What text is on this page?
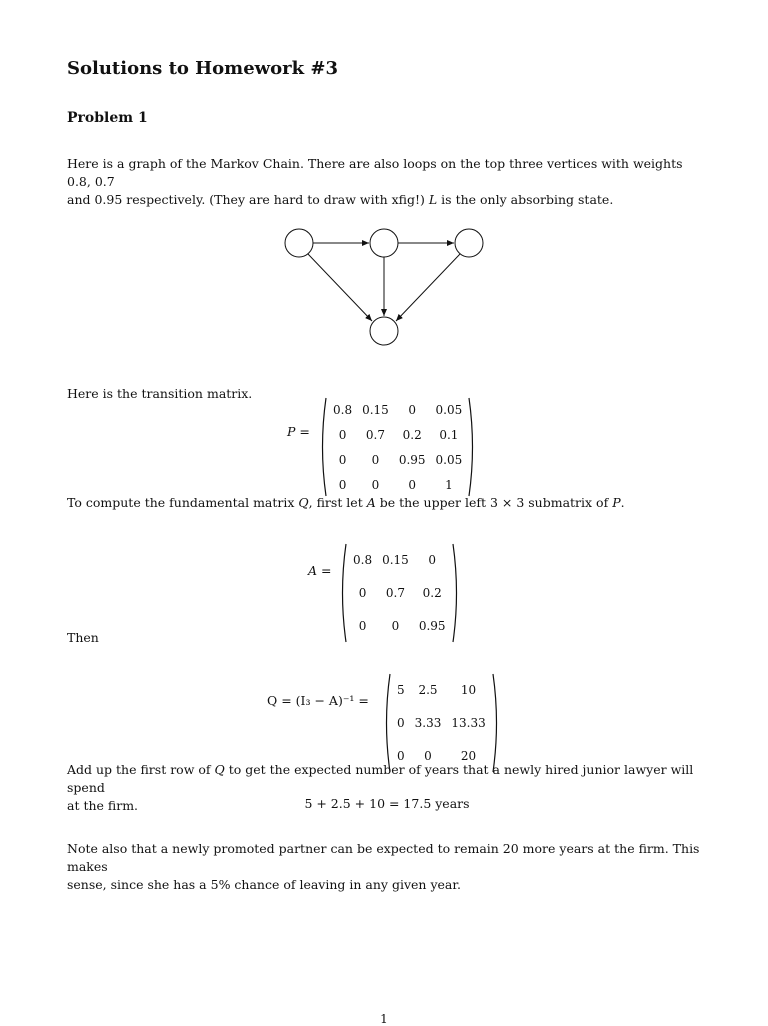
Solutions to Homework #3
Problem 1
Here is a graph of the Markov Chain. There are also loops on the top three vertices with weights 0.8, 0.7
and 0.95 respectively. (They are hard to draw with xfig!) L is the only absorbing state.
Here is the transition matrix.
P =
0.8	0.15	0	0.05
0	0.7	0.2	0.1
0	0	0.95	0.05
0	0	0	1
To compute the fundamental matrix Q, first let A be the upper left 3 × 3 submatrix of P.
A =
0.8	0.15	0
0	0.7	0.2
0	0	0.95
Then
Q = (I₃ − A)⁻¹ =
5	2.5	10
0	3.33	13.33
0	0	20
Add up the first row of Q to get the expected number of years that a newly hired junior lawyer will spend
at the firm.	5 + 2.5 + 10 = 17.5 years
Note also that a newly promoted partner can be expected to remain 20 more years at the firm. This makes
sense, since she has a 5% chance of leaving in any given year.
1
